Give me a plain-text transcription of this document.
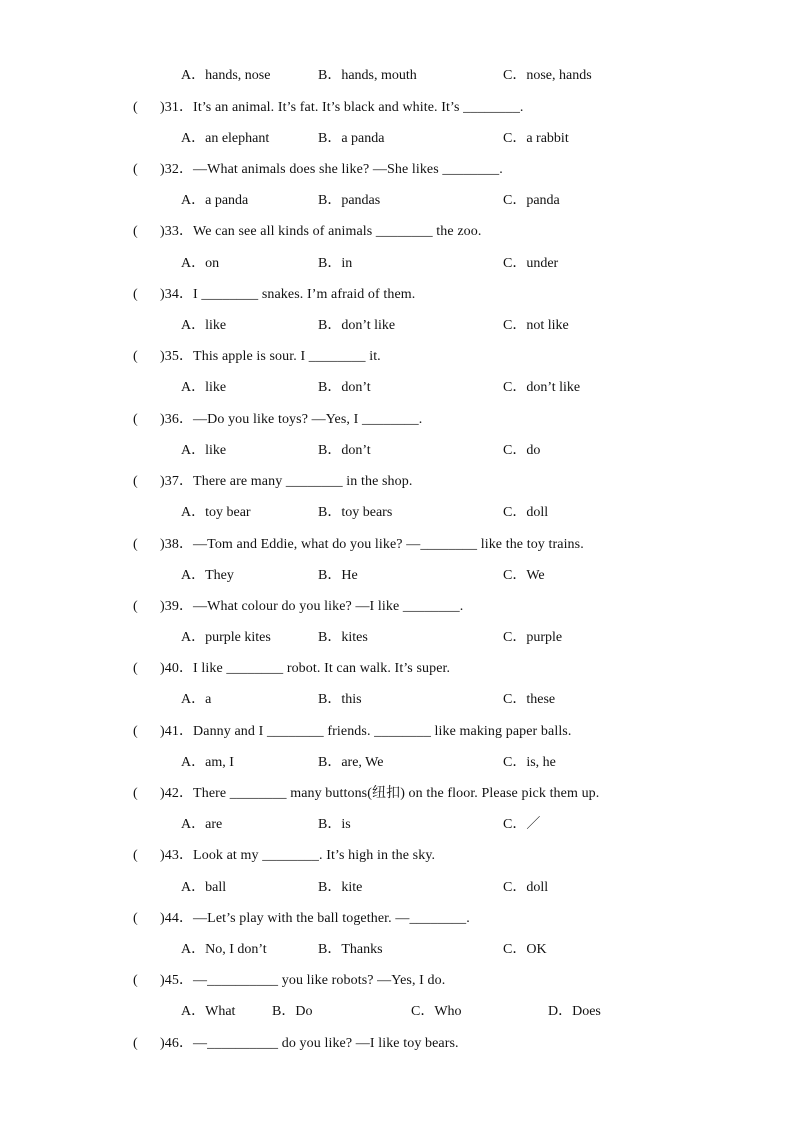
A．hands, nose	B．hands, mouth	C．nose, hands
( )31．It’s an animal. It’s fat. It’s black and white. It’s ________.
A．an elephant	B．a panda	C．a rabbit
( )32．—What animals does she like? —She likes ________.
A．a panda	B．pandas	C．panda
( )33．We can see all kinds of animals ________ the zoo.
A．on	B．in	C．under
( )34．I ________ snakes. I’m afraid of them.
A．like	B．don’t like	C．not like
( )35．This apple is sour. I ________ it.
A．like	B．don’t	C．don’t like
( )36．—Do you like toys? —Yes, I ________.
A．like	B．don’t	C．do
( )37．There are many ________ in the shop.
A．toy bear	B．toy bears	C．doll
( )38．—Tom and Eddie, what do you like? —________ like the toy trains.
A．They	B．He	C．We
( )39．—What colour do you like? —I like ________.
A．purple kites	B．kites	C．purple
( )40．I like ________ robot. It can walk. It’s super.
A．a	B．this	C．these
( )41．Danny and I ________ friends. ________ like making paper balls.
A．am, I	B．are, We	C．is, he
( )42．There ________ many buttons(纽扣) on the floor. Please pick them up.
A．are	B．is	C．／
( )43．Look at my ________. It’s high in the sky.
A．ball	B．kite	C．doll
( )44．—Let’s play with the ball together. —________.
A．No, I don’t	B．Thanks	C．OK
( )45．—__________ you like robots? —Yes, I do.
A．What	B．Do	C．Who	D．Does
( )46．—__________ do you like? —I like toy bears.
